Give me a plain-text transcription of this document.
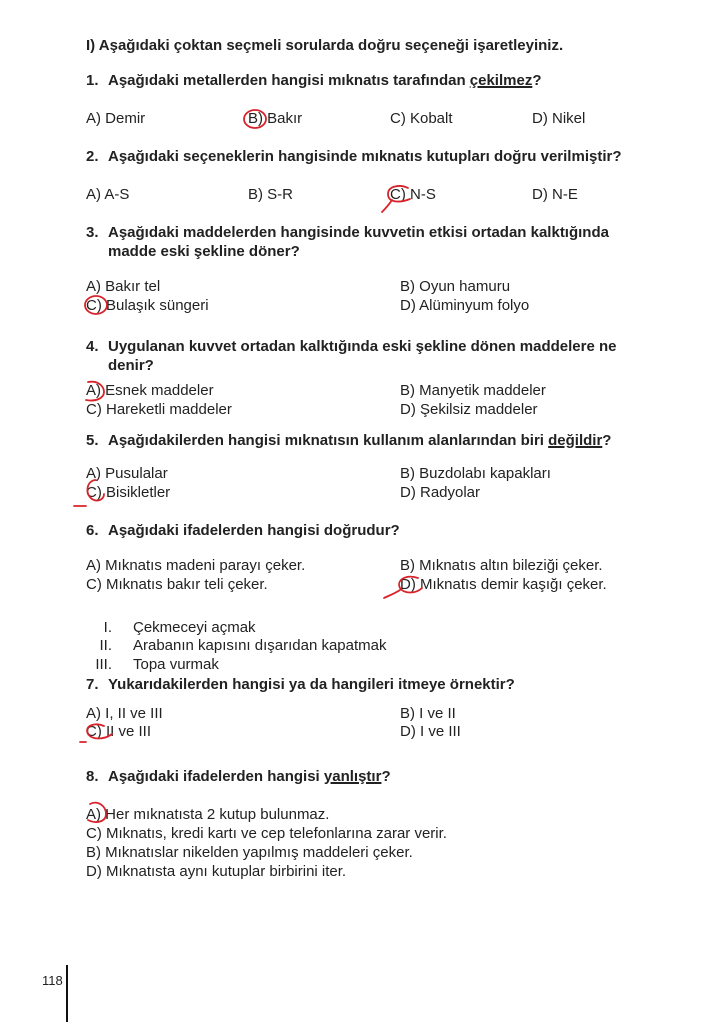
I) Aşağıdaki çoktan seçmeli sorularda doğru seçeneği işaretleyiniz.
1. Aşağıdaki metallerden hangisi mıknatıs tarafından çekilmez?
A) Demir	B) Bakır	C) Kobalt	D) Nikel
2. Aşağıdaki seçeneklerin hangisinde mıknatıs kutupları doğru verilmiştir?
A) A-S	B) S-R	C) N-S	D) N-E
3. Aşağıdaki maddelerden hangisinde kuvvetin etkisi ortadan kalktığında
madde eski şekline döner?
A) Bakır tel	B) Oyun hamuru
C) Bulaşık süngeri	D) Alüminyum folyo
4. Uygulanan kuvvet ortadan kalktığında eski şekline dönen maddelere ne
denir?
A) Esnek maddeler	B) Manyetik maddeler
C) Hareketli maddeler	D) Şekilsiz maddeler
5. Aşağıdakilerden hangisi mıknatısın kullanım alanlarından biri değildir?
A) Pusulalar	B) Buzdolabı kapakları
C) Bisikletler	D) Radyolar
6. Aşağıdaki ifadelerden hangisi doğrudur?
A) Mıknatıs madeni parayı çeker.	B) Mıknatıs altın bileziği çeker.
C) Mıknatıs bakır teli çeker.	D) Mıknatıs demir kaşığı çeker.
I. Çekmeceyi açmak
II. Arabanın kapısını dışarıdan kapatmak
III. Topa vurmak
7. Yukarıdakilerden hangisi ya da hangileri itmeye örnektir?
A) I, II ve III	B) I ve II
C) II ve III	D) I ve III
8. Aşağıdaki ifadelerden hangisi yanlıştır?
A) Her mıknatısta 2 kutup bulunmaz.
C) Mıknatıs, kredi kartı ve cep telefonlarına zarar verir.
B) Mıknatıslar nikelden yapılmış maddeleri çeker.
D) Mıknatısta aynı kutuplar birbirini iter.
118
